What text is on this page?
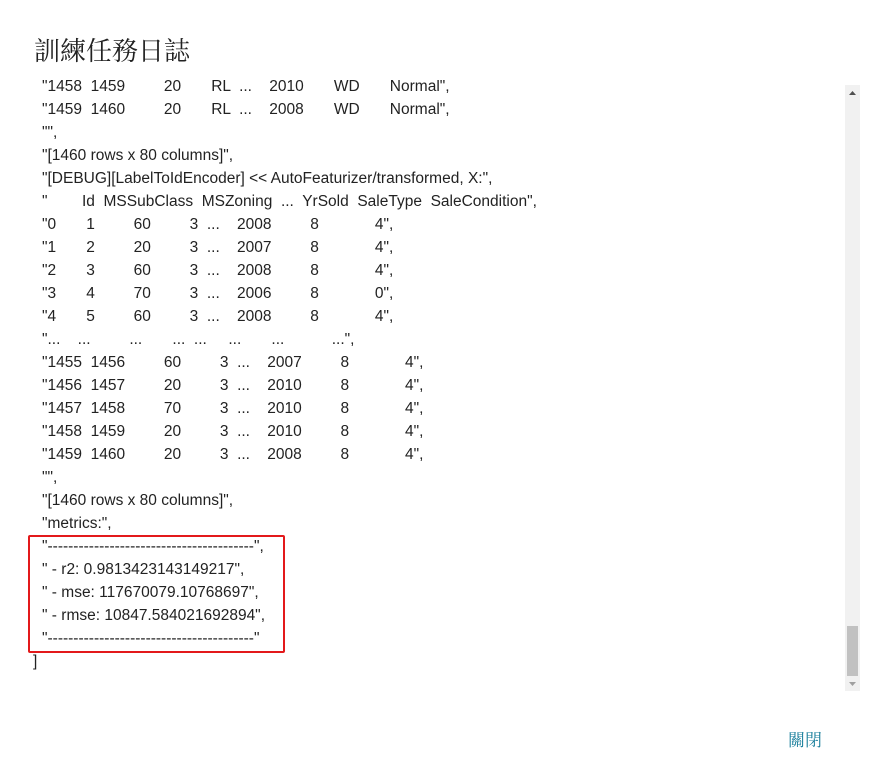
訓練任務日誌
"1458  1459         20       RL  ...    2010       WD       Normal",
"1459  1460         20       RL  ...    2008       WD       Normal",
"",
"[1460 rows x 80 columns]",
"[DEBUG][LabelToIdEncoder] << AutoFeaturizer/transformed, X:",
"        Id  MSSubClass  MSZoning  ...  YrSold  SaleType  SaleCondition",
"0       1         60         3  ...    2008         8             4",
"1       2         20         3  ...    2007         8             4",
"2       3         60         3  ...    2008         8             4",
"3       4         70         3  ...    2006         8             0",
"4       5         60         3  ...    2008         8             4",
"...    ...         ...       ...  ...     ...       ...           ...",
"1455  1456         60         3  ...    2007         8             4",
"1456  1457         20         3  ...    2010         8             4",
"1457  1458         70         3  ...    2010         8             4",
"1458  1459         20         3  ...    2010         8             4",
"1459  1460         20         3  ...    2008         8             4",
"",
"[1460 rows x 80 columns]",
"metrics:",
"----------------------------------------",
" - r2: 0.9813423143149217",
" - mse: 117670079.10768697",
" - rmse: 10847.584021692894",
"----------------------------------------"
]
關閉
